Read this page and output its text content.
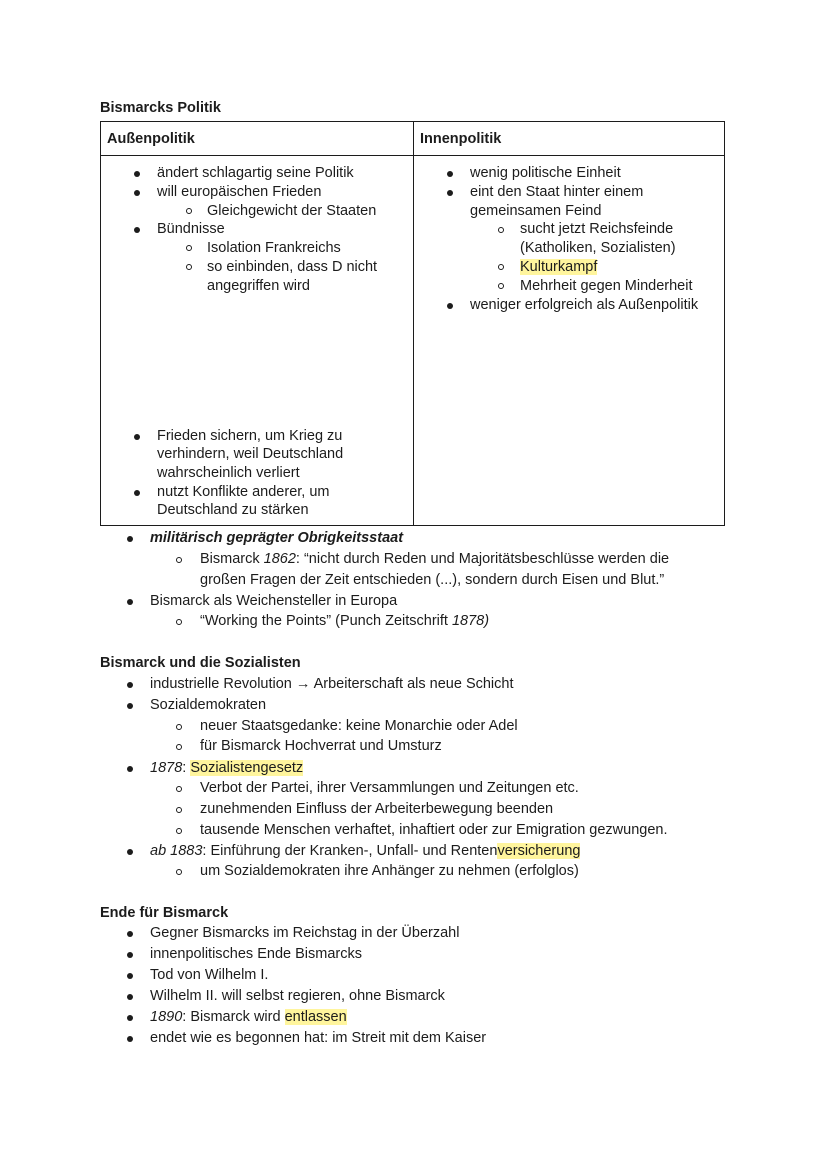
Bismarcks Politik
Außenpolitik	Innenpolitik
ändert schlagartig seine Politik
will europäischen Frieden
Gleichgewicht der Staaten
Bündnisse
Isolation Frankreichs
so einbinden, dass D nicht
angegriffen wird
Frieden sichern, um Krieg zu
verhindern, weil Deutschland
wahrscheinlich verliert
nutzt Konflikte anderer, um
Deutschland zu stärken
wenig politische Einheit
eint den Staat hinter einem
gemeinsamen Feind
sucht jetzt Reichsfeinde
(Katholiken, Sozialisten)
Kulturkampf
Mehrheit gegen Minderheit
weniger erfolgreich als Außenpolitik
militärisch geprägter Obrigkeitsstaat
Bismarck 1862: “nicht durch Reden und Majoritätsbeschlüsse werden die
großen Fragen der Zeit entschieden (...), sondern durch Eisen und Blut.”
Bismarck als Weichensteller in Europa
“Working the Points” (Punch Zeitschrift 1878)
Bismarck und die Sozialisten
industrielle Revolution → Arbeiterschaft als neue Schicht
Sozialdemokraten
neuer Staatsgedanke: keine Monarchie oder Adel
für Bismarck Hochverrat und Umsturz
1878: Sozialistengesetz
Verbot der Partei, ihrer Versammlungen und Zeitungen etc.
zunehmenden Einfluss der Arbeiterbewegung beenden
tausende Menschen verhaftet, inhaftiert oder zur Emigration gezwungen.
ab 1883: Einführung der Kranken-, Unfall- und Rentenversicherung
um Sozialdemokraten ihre Anhänger zu nehmen (erfolglos)
Ende für Bismarck
Gegner Bismarcks im Reichstag in der Überzahl
innenpolitisches Ende Bismarcks
Tod von Wilhelm I.
Wilhelm II. will selbst regieren, ohne Bismarck
1890: Bismarck wird entlassen
endet wie es begonnen hat: im Streit mit dem Kaiser
